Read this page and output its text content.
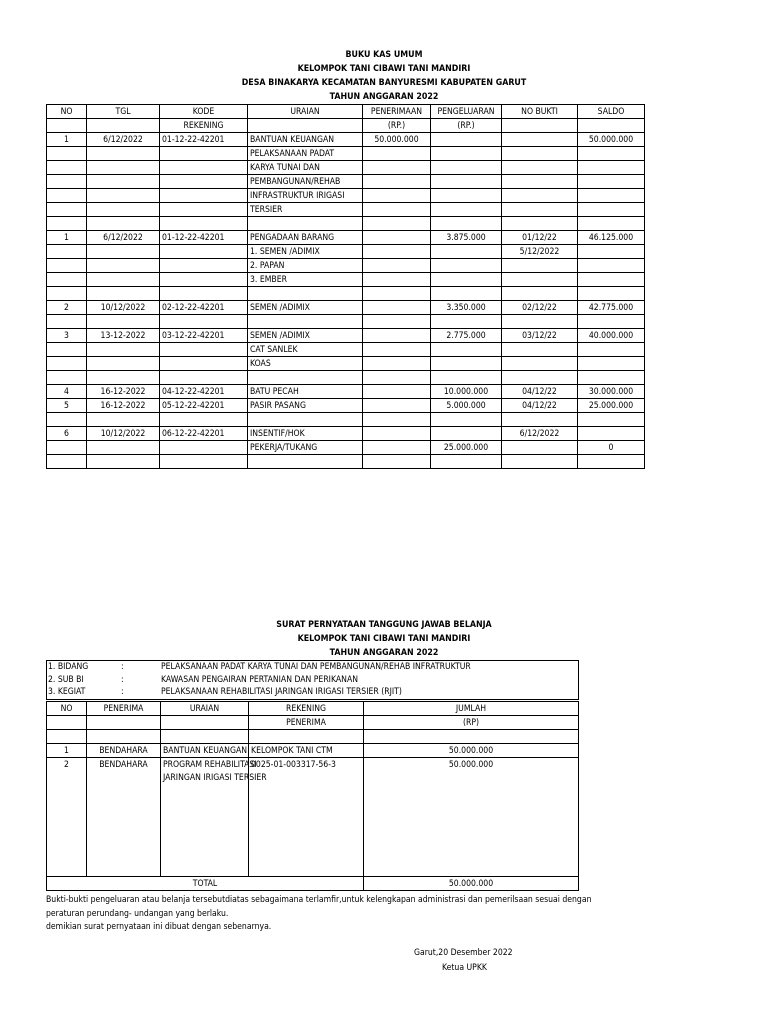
BUKU KAS UMUM
KELOMPOK TANI CIBAWI TANI MANDIRI
DESA BINAKARYA KECAMATAN BANYURESMI KABUPATEN GARUT
TAHUN ANGGARAN 2022
NO	TGL	KODE	URAIAN	PENERIMAAN	PENGELUARAN	NO BUKTI	SALDO
		REKENING		(RP.)	(RP.)		
1	6/12/2022	01-12-22-42201	BANTUAN KEUANGAN	50.000.000			50.000.000
			PELAKSANAAN PADAT				
			KARYA TUNAI DAN				
			PEMBANGUNAN/REHAB				
			INFRASTRUKTUR IRIGASI				
			TERSIER				

1	6/12/2022	01-12-22-42201	PENGADAAN BARANG		3.875.000	01/12/22	46.125.000
			1. SEMEN /ADIMIX			5/12/2022	
			2. PAPAN				
			3. EMBER				

2	10/12/2022	02-12-22-42201	SEMEN /ADIMIX		3.350.000	02/12/22	42.775.000

3	13-12-2022	03-12-22-42201	SEMEN /ADIMIX		2.775.000	03/12/22	40.000.000
			CAT SANLEK				
			KOAS				

4	16-12-2022	04-12-22-42201	BATU PECAH		10.000.000	04/12/22	30.000.000
5	16-12-2022	05-12-22-42201	PASIR PASANG		5.000.000	04/12/22	25.000.000

6	10/12/2022	06-12-22-42201	INSENTIF/HOK			6/12/2022	
			PEKERJA/TUKANG		25.000.000		0

SURAT PERNYATAAN TANGGUNG JAWAB BELANJA
KELOMPOK TANI CIBAWI TANI MANDIRI
TAHUN ANGGARAN 2022
1. BIDANG	:	PELAKSANAAN PADAT KARYA TUNAI DAN PEMBANGUNAN/REHAB INFRATRUKTUR
2. SUB BI	:	KAWASAN PENGAIRAN PERTANIAN DAN PERIKANAN
3. KEGIAT	:	PELAKSANAAN REHABILITASI JARINGAN IRIGASI TERSIER (RJIT)
NO	PENERIMA	URAIAN	REKENING	JUMLAH
			PENERIMA	(RP)

1	BENDAHARA	BANTUAN KEUANGAN	KELOMPOK TANI CTM	50.000.000
2	BENDAHARA	PROGRAM REHABILITASI	0025-01-003317-56-3	50.000.000
		JARINGAN IRIGASI TERSIER		

TOTAL				50.000.000
Bukti-bukti pengeluaran atau belanja tersebutdiatas sebagaimana terlamfir,untuk kelengkapan administrasi dan pemerilsaan sesuai dengan
peraturan perundang- undangan yang berlaku.
demikian surat pernyataan ini dibuat dengan sebenarnya.
Garut,20 Desember 2022
Ketua UPKK
